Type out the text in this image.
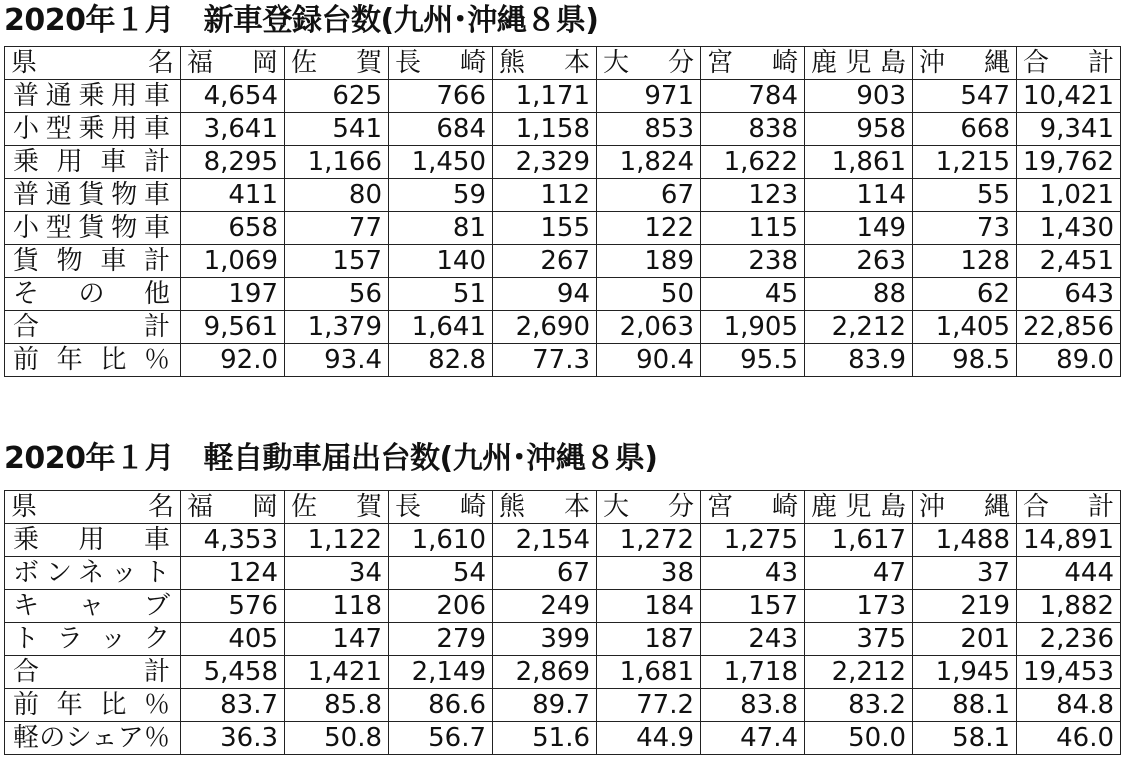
2020年１月　新車登録台数(九州･沖縄８県)
県　　名	福　岡	佐　賀	長　崎	熊　本	大　分	宮　崎	鹿児島	沖　縄	合　計
普通乗用車	4,654	625	766	1,171	971	784	903	547	10,421
小型乗用車	3,641	541	684	1,158	853	838	958	668	9,341
乗用車計	8,295	1,166	1,450	2,329	1,824	1,622	1,861	1,215	19,762
普通貨物車	411	80	59	112	67	123	114	55	1,021
小型貨物車	658	77	81	155	122	115	149	73	1,430
貨物車計	1,069	157	140	267	189	238	263	128	2,451
その他	197	56	51	94	50	45	88	62	643
合計	9,561	1,379	1,641	2,690	2,063	1,905	2,212	1,405	22,856
前年比％	92.0	93.4	82.8	77.3	90.4	95.5	83.9	98.5	89.0
2020年１月　軽自動車届出台数(九州･沖縄８県)
県　　名	福　岡	佐　賀	長　崎	熊　本	大　分	宮　崎	鹿児島	沖　縄	合　計
乗用車	4,353	1,122	1,610	2,154	1,272	1,275	1,617	1,488	14,891
ボンネット	124	34	54	67	38	43	47	37	444
キャブ	576	118	206	249	184	157	173	219	1,882
トラック	405	147	279	399	187	243	375	201	2,236
合計	5,458	1,421	2,149	2,869	1,681	1,718	2,212	1,945	19,453
前年比％	83.7	85.8	86.6	89.7	77.2	83.8	83.2	88.1	84.8
軽のシェア％	36.3	50.8	56.7	51.6	44.9	47.4	50.0	58.1	46.0
